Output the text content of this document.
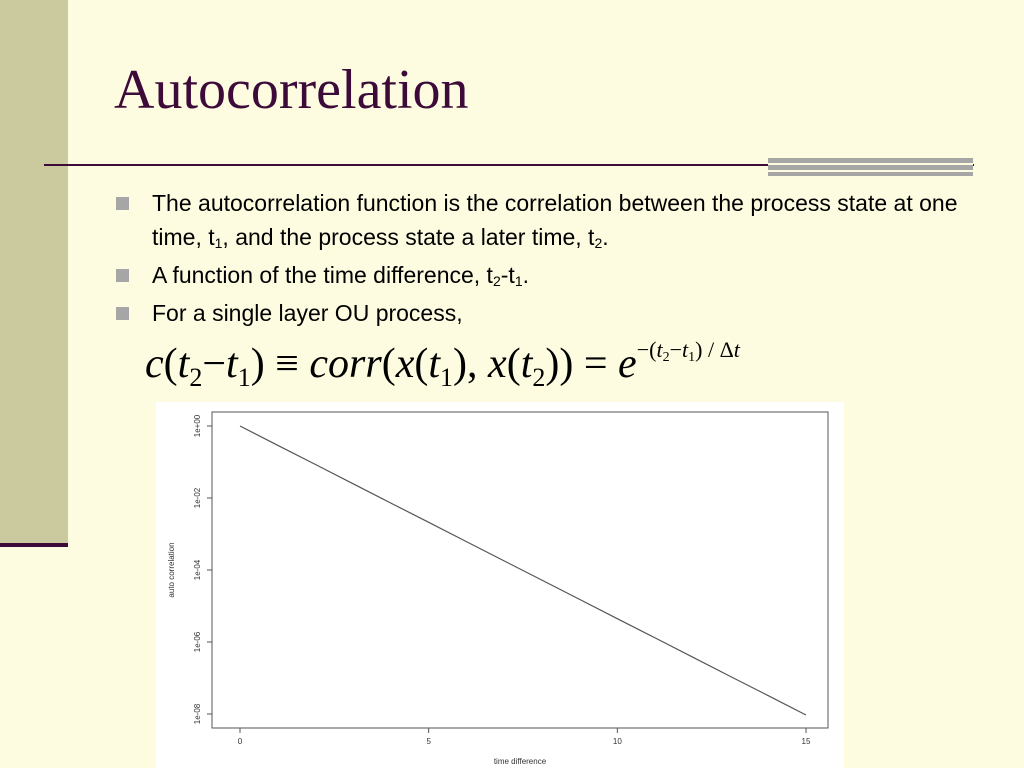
Autocorrelation
The autocorrelation function is the correlation between the process state at one time, $t_1$, and the process state a later time, $t_2$.
A function of the time difference, $t_2-t_1$.
For a single layer OU process,
$c(t_2-t_1)$ ≡ $corr(x(t_1)$, $x(t_2)) = e^{-(t_2-t_1) / \Delta t}$
0	5	10	15
1e+00
1e-02
1e-04
1e-06
1e-08
time difference
auto correlation
